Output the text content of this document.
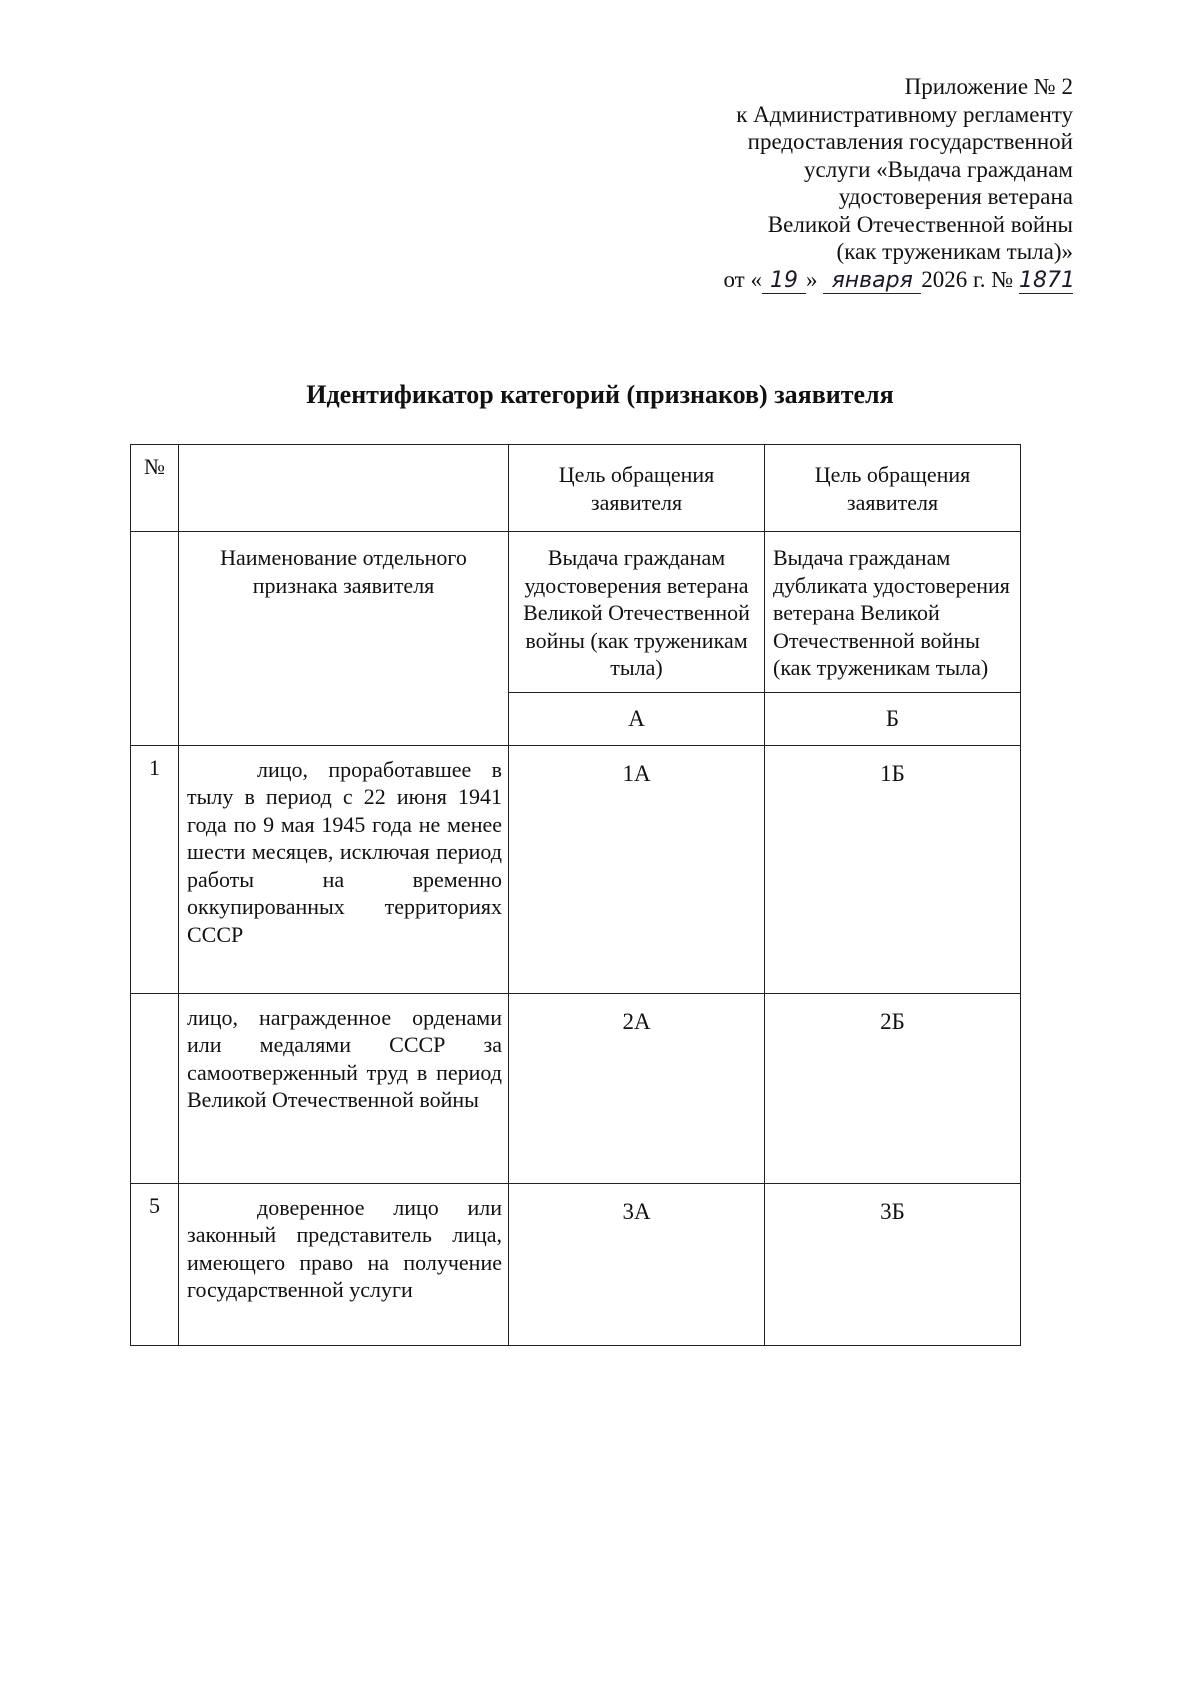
Приложение № 2
к Административному регламенту
предоставления государственной
услуги «Выдача гражданам
удостоверения ветерана
Великой Отечественной войны
(как труженикам тыла)»
от « 19 » января 2026 г. № 1871
Идентификатор категорий (признаков) заявителя
№		Цель обращения заявителя	Цель обращения заявителя
	Наименование отдельного признака заявителя	Выдача гражданам удостоверения ветерана Великой Отечественной войны (как труженикам тыла)	Выдача гражданам дубликата удостоверения ветерана Великой Отечественной войны (как труженикам тыла)
		А	Б
1	лицо, проработавшее в тылу в период с 22 июня 1941 года по 9 мая 1945 года не менее шести месяцев, исключая период работы на временно оккупированных территориях СССР	1А	1Б
	лицо, награжденное орденами или медалями СССР за самоотверженный труд в период Великой Отечественной войны	2А	2Б
5	доверенное лицо или законный представитель лица, имеющего право на получение государственной услуги	3А	3Б
